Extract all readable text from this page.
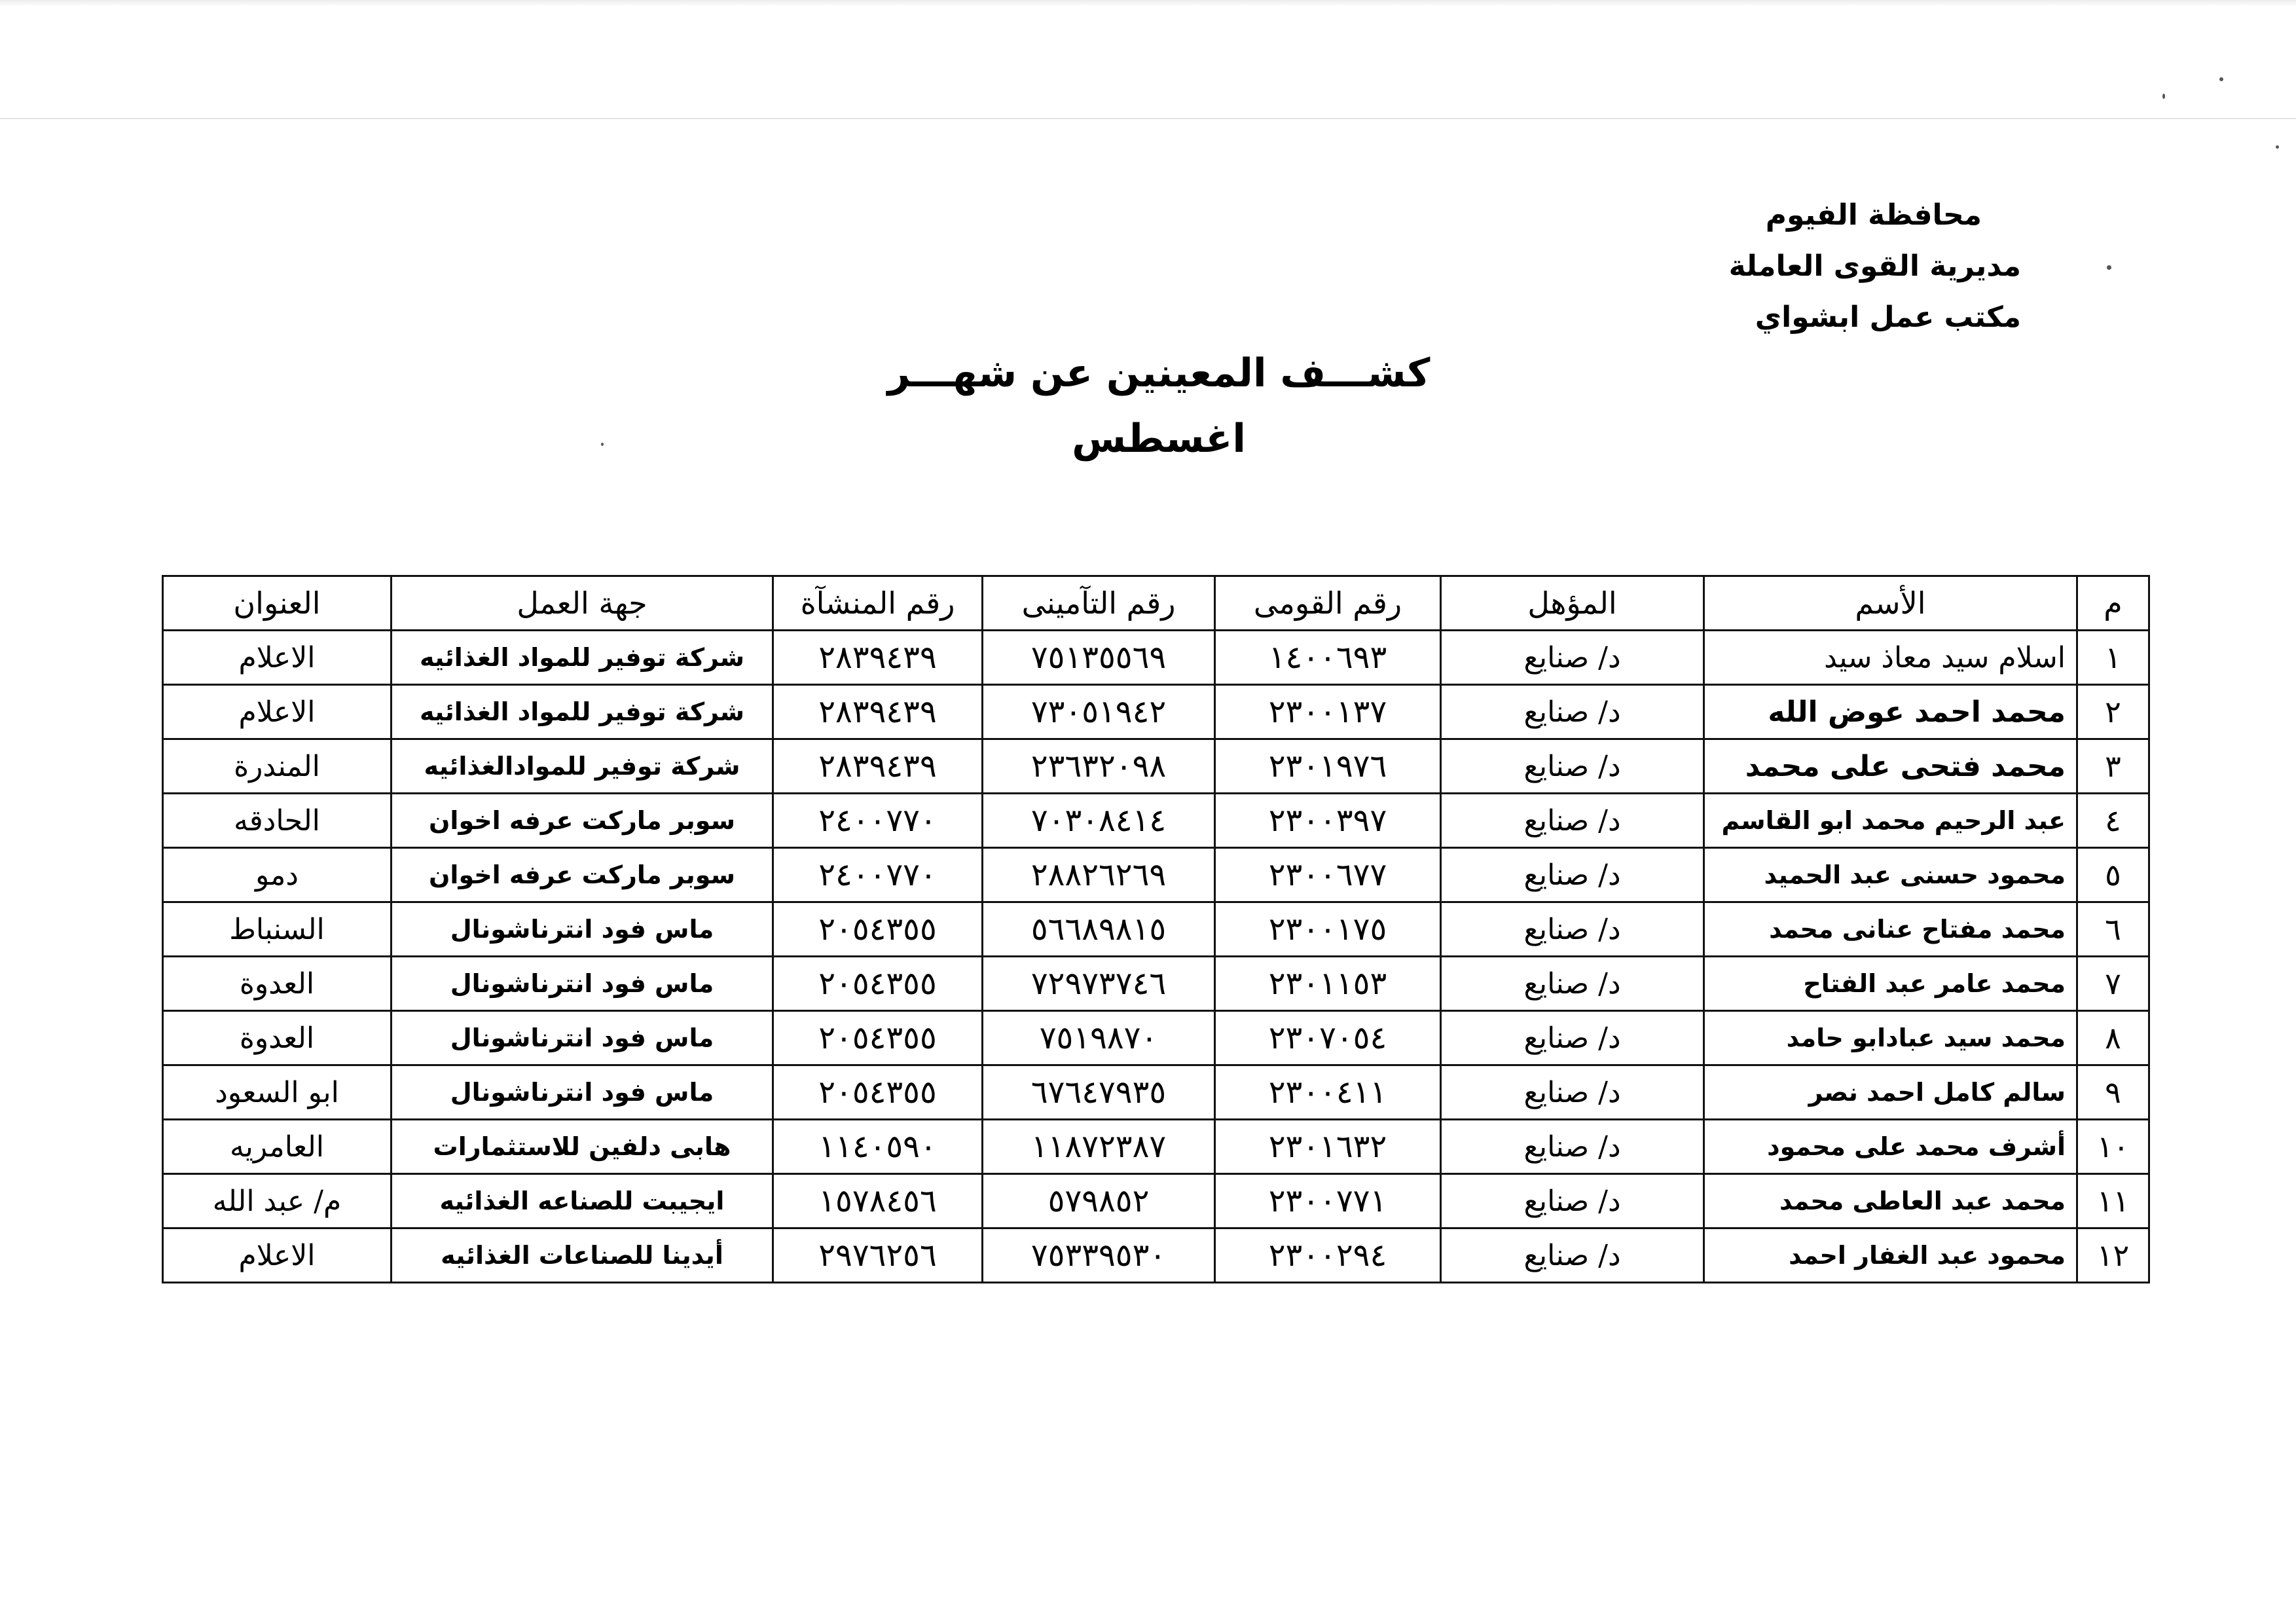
محافظة الفيوم
مديرية القوى العاملة
مكتب عمل ابشواي
كشـــف المعينين عن شهـــر اغسطس
م	الأسم	المؤهل	رقم القومى	رقم التآمينى	رقم المنشآة	جهة العمل	العنوان
١	اسلام سيد معاذ سيد	د/ صنايع	١٤٠٠٦٩٣	٧٥١٣٥٥٦٩	٢٨٣٩٤٣٩	شركة توفير للمواد الغذائيه	الاعلام
٢	محمد احمد عوض الله	د/ صنايع	٢٣٠٠١٣٧	٧٣٠٥١٩٤٢	٢٨٣٩٤٣٩	شركة توفير للمواد الغذائيه	الاعلام
٣	محمد فتحى على محمد	د/ صنايع	٢٣٠١٩٧٦	٢٣٦٣٢٠٩٨	٢٨٣٩٤٣٩	شركة توفير للموادالغذائيه	المندرة
٤	عبد الرحيم محمد ابو القاسم	د/ صنايع	٢٣٠٠٣٩٧	٧٠٣٠٨٤١٤	٢٤٠٠٧٧٠	سوبر ماركت عرفه اخوان	الحادقه
٥	محمود حسنى عبد الحميد	د/ صنايع	٢٣٠٠٦٧٧	٢٨٨٢٦٢٦٩	٢٤٠٠٧٧٠	سوبر ماركت عرفه اخوان	دمو
٦	محمد مفتاح عنانى محمد	د/ صنايع	٢٣٠٠١٧٥	٥٦٦٨٩٨١٥	٢٠٥٤٣٥٥	ماس فود انترناشونال	السنباط
٧	محمد عامر عبد الفتاح	د/ صنايع	٢٣٠١١٥٣	٧٢٩٧٣٧٤٦	٢٠٥٤٣٥٥	ماس فود انترناشونال	العدوة
٨	محمد سيد عبادابو حامد	د/ صنايع	٢٣٠٧٠٥٤	٧٥١٩٨٧٠	٢٠٥٤٣٥٥	ماس فود انترناشونال	العدوة
٩	سالم كامل احمد نصر	د/ صنايع	٢٣٠٠٤١١	٦٧٦٤٧٩٣٥	٢٠٥٤٣٥٥	ماس فود انترناشونال	ابو السعود
١٠	أشرف محمد على محمود	د/ صنايع	٢٣٠١٦٣٢	١١٨٧٢٣٨٧	١١٤٠٥٩٠	هابى دلفين للاستثمارات	العامريه
١١	محمد عبد العاطى محمد	د/ صنايع	٢٣٠٠٧٧١	٥٧٩٨٥٢	١٥٧٨٤٥٦	ايجيبت للصناعه الغذائيه	م/ عبد الله
١٢	محمود عبد الغفار احمد	د/ صنايع	٢٣٠٠٢٩٤	٧٥٣٣٩٥٣٠	٢٩٧٦٢٥٦	أيدينا للصناعات الغذائيه	الاعلام
